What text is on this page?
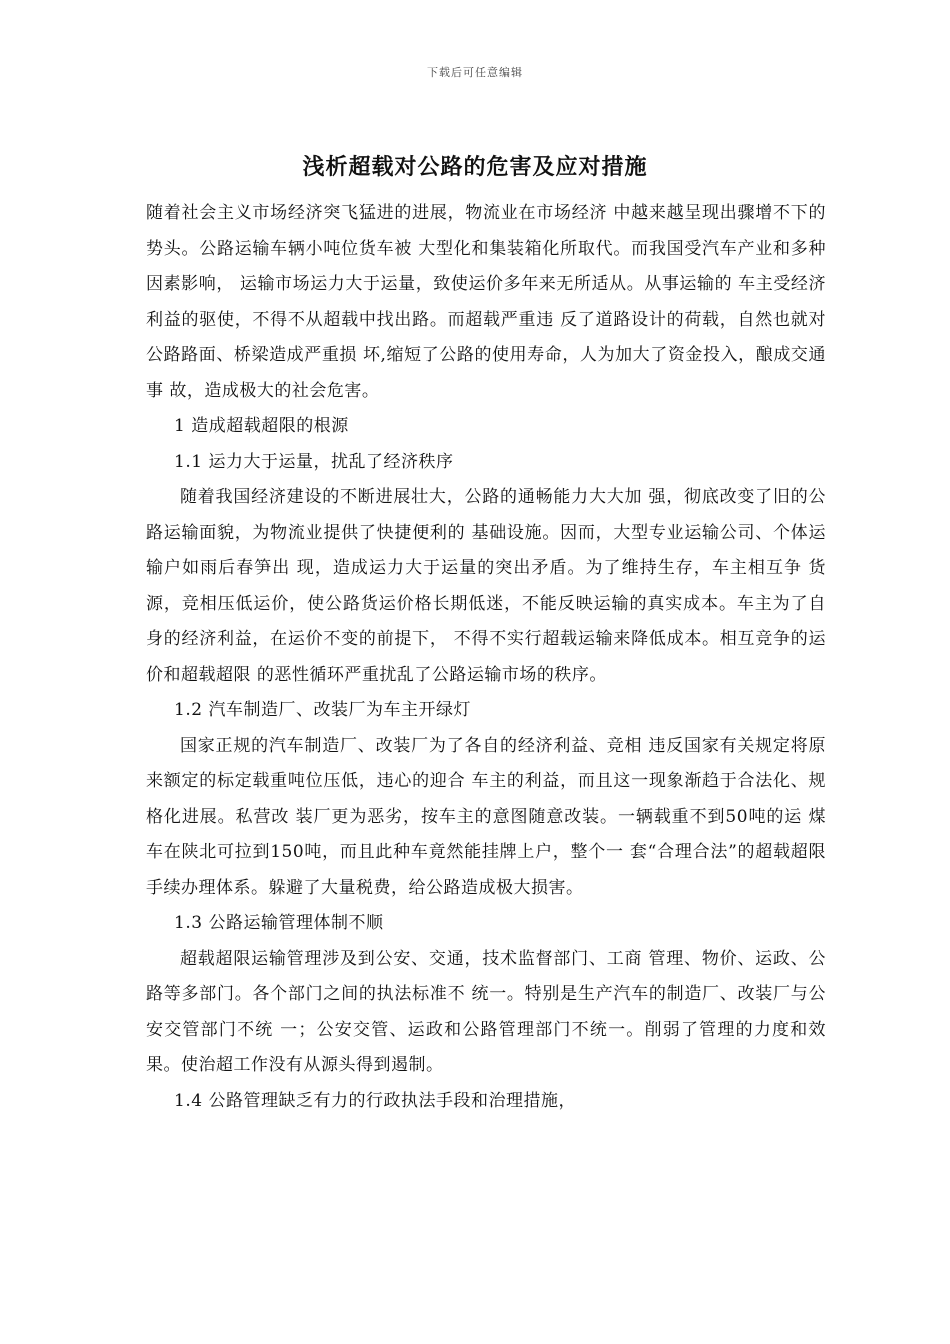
下载后可任意编辑
浅析超载对公路的危害及应对措施

随着社会主义市场经济突飞猛进的进展，物流业在市场经济 中越来越呈现出骤增不下的势头。公路运输车辆小吨位货车被 大型化和集装箱化所取代。而我国受汽车产业和多种因素影响， 运输市场运力大于运量，致使运价多年来无所适从。从事运输的 车主受经济利益的驱使，不得不从超载中找出路。而超载严重违 反了道路设计的荷载，自然也就对公路路面、桥梁造成严重损 坏,缩短了公路的使用寿命，人为加大了资金投入，酿成交通事 故，造成极大的社会危害。

1 造成超载超限的根源

1.1 运力大于运量，扰乱了经济秩序

随着我国经济建设的不断进展壮大，公路的通畅能力大大加 强，彻底改变了旧的公路运输面貌，为物流业提供了快捷便利的 基础设施。因而，大型专业运输公司、个体运输户如雨后春笋出 现，造成运力大于运量的突出矛盾。为了维持生存，车主相互争 货源，竞相压低运价，使公路货运价格长期低迷，不能反映运输的真实成本。车主为了自身的经济利益，在运价不变的前提下， 不得不实行超载运输来降低成本。相互竞争的运价和超载超限 的恶性循环严重扰乱了公路运输市场的秩序。

1.2 汽车制造厂、改装厂为车主开绿灯

国家正规的汽车制造厂、改装厂为了各自的经济利益、竞相 违反国家有关规定将原来额定的标定载重吨位压低，违心的迎合 车主的利益，而且这一现象渐趋于合法化、规格化进展。私营改 装厂更为恶劣，按车主的意图随意改装。一辆载重不到50吨的运 煤车在陕北可拉到150吨，而且此种车竟然能挂牌上户，整个一 套“合理合法”的超载超限手续办理体系。躲避了大量税费，给公路造成极大损害。

1.3 公路运输管理体制不顺

超载超限运输管理涉及到公安、交通，技术监督部门、工商 管理、物价、运政、公路等多部门。各个部门之间的执法标准不 统一。特别是生产汽车的制造厂、改装厂与公安交管部门不统 一；公安交管、运政和公路管理部门不统一。削弱了管理的力度和效果。使治超工作没有从源头得到遏制。

1.4 公路管理缺乏有力的行政执法手段和治理措施，
